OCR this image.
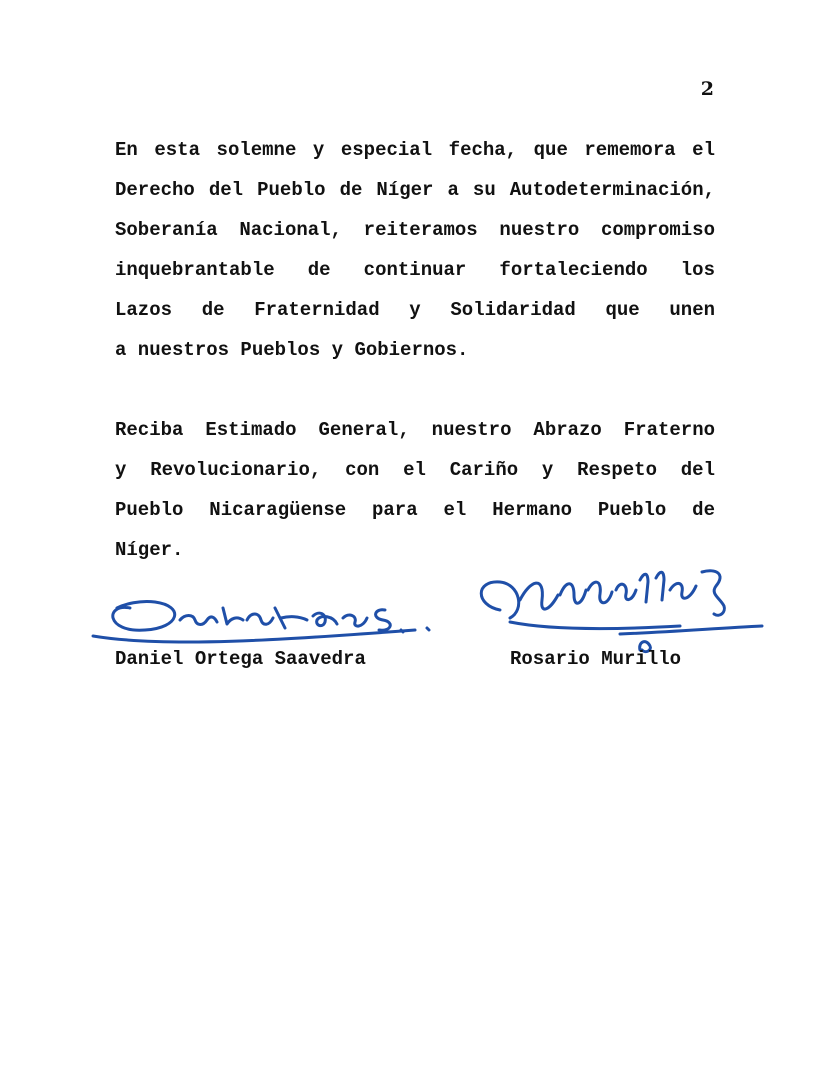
2
En esta solemne y especial fecha, que rememora el
Derecho del Pueblo de Níger a su Autodeterminación,
Soberanía Nacional, reiteramos nuestro compromiso
inquebrantable de continuar fortaleciendo los
Lazos de Fraternidad y Solidaridad que unen
a nuestros Pueblos y Gobiernos.
Reciba Estimado General, nuestro Abrazo Fraterno
y Revolucionario, con el Cariño y Respeto del
Pueblo Nicaragüense para el Hermano Pueblo de
Níger.
Daniel Ortega Saavedra	Rosario Murillo
